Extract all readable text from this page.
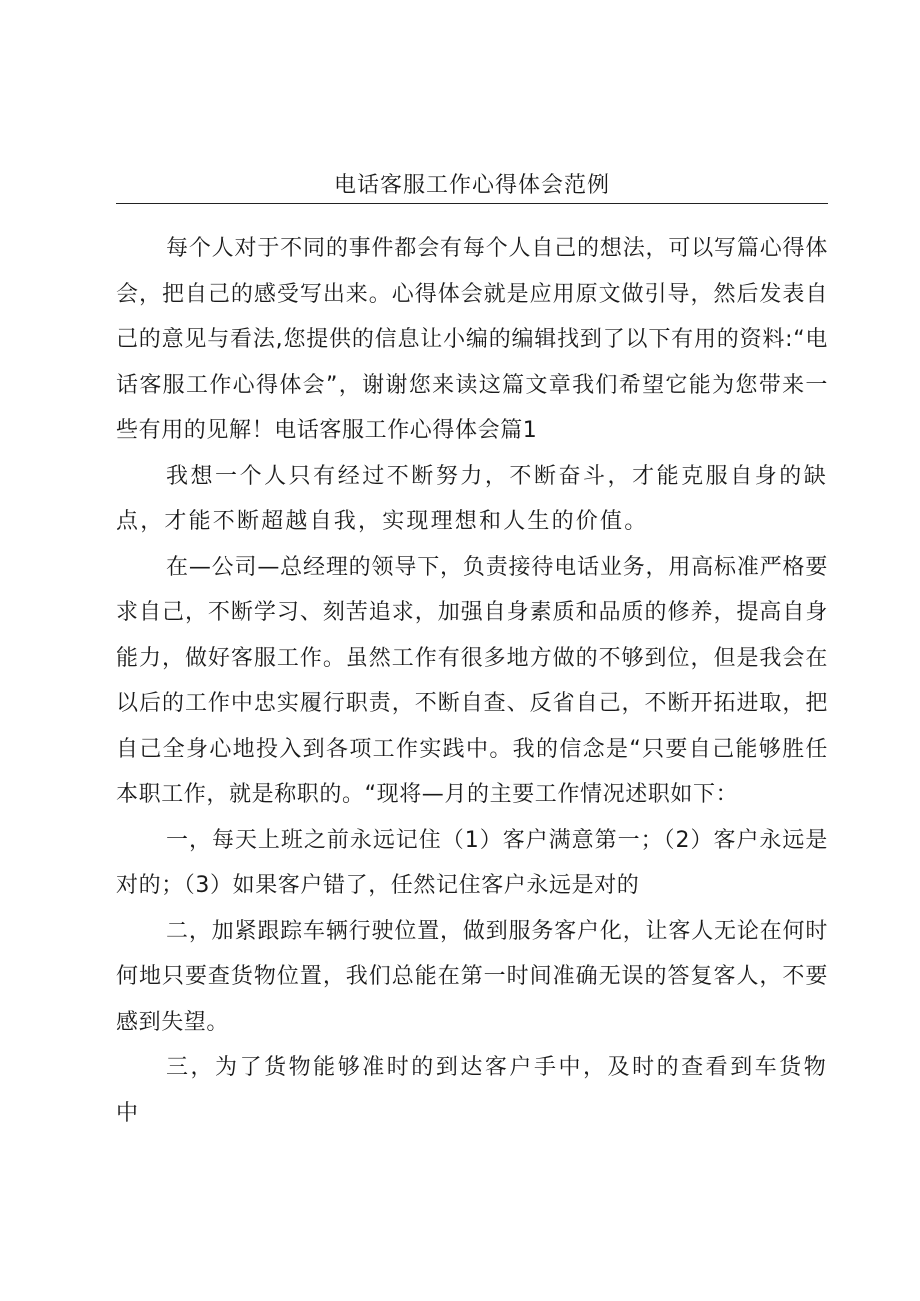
电话客服工作心得体会范例

每个人对于不同的事件都会有每个人自己的想法，可以写篇心得体会，把自己的感受写出来。心得体会就是应用原文做引导，然后发表自己的意见与看法,您提供的信息让小编的编辑找到了以下有用的资料:“电话客服工作心得体会”，谢谢您来读这篇文章我们希望它能为您带来一些有用的见解！电话客服工作心得体会篇1

我想一个人只有经过不断努力，不断奋斗，才能克服自身的缺点，才能不断超越自我，实现理想和人生的价值。

在—公司—总经理的领导下，负责接待电话业务，用高标准严格要求自己，不断学习、刻苦追求，加强自身素质和品质的修养，提高自身能力，做好客服工作。虽然工作有很多地方做的不够到位，但是我会在以后的工作中忠实履行职责，不断自查、反省自己，不断开拓进取，把自己全身心地投入到各项工作实践中。我的信念是“只要自己能够胜任本职工作，就是称职的。“现将—月的主要工作情况述职如下：

一，每天上班之前永远记住（1）客户满意第一；（2）客户永远是对的；（3）如果客户错了，任然记住客户永远是对的

二，加紧跟踪车辆行驶位置，做到服务客户化，让客人无论在何时何地只要查货物位置，我们总能在第一时间准确无误的答复客人，不要感到失望。

三，为了货物能够准时的到达客户手中，及时的查看到车货物中
